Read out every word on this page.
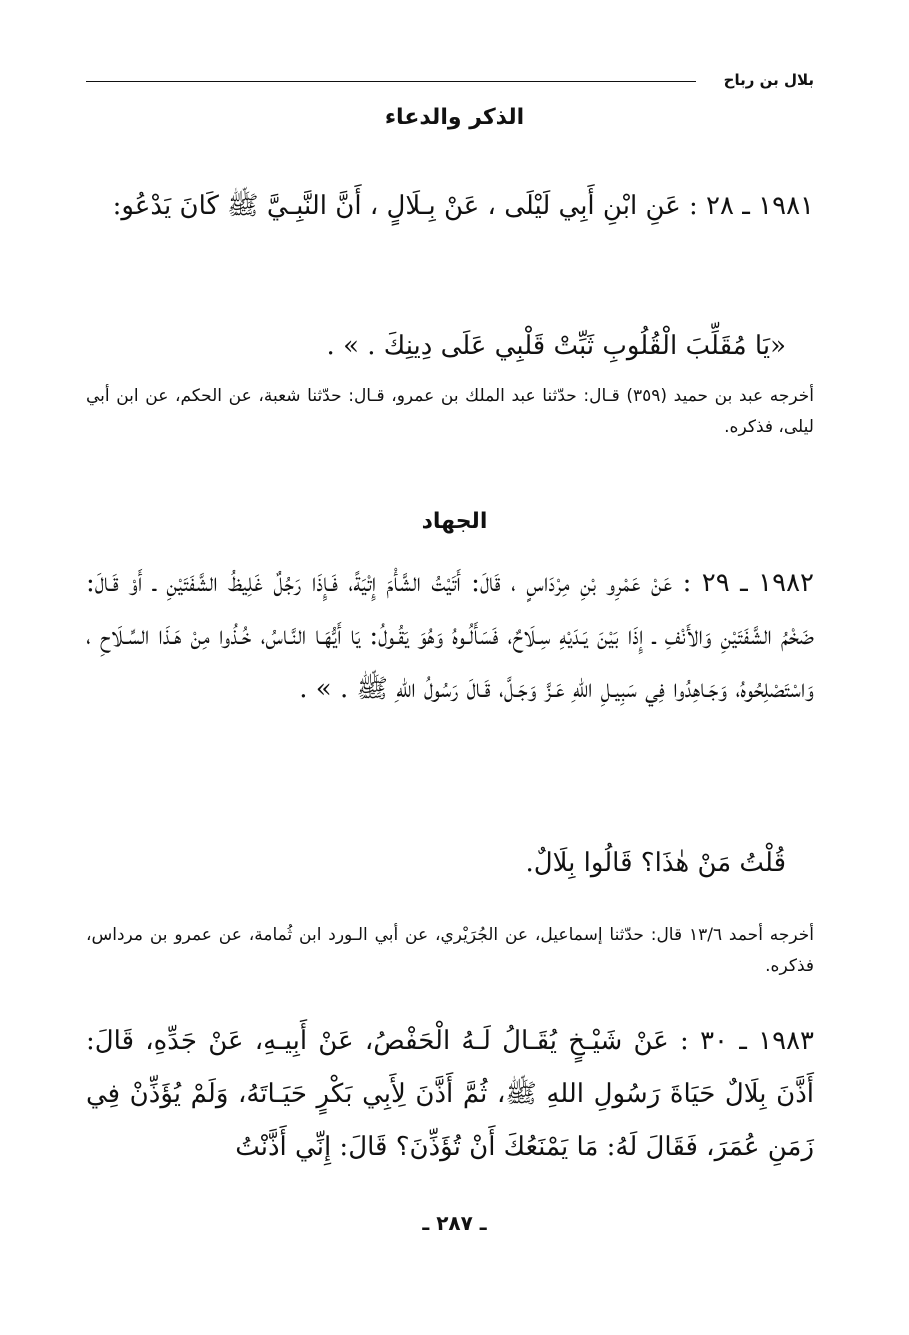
بلال بن رباح
الذكر والدعاء
١٩٨١ ـ ٢٨ : عَنِ ابْنِ أَبِي لَيْلَى ، عَنْ بِـلَالٍ ، أَنَّ النَّبِـيَّ ﷺ كَانَ يَدْعُو:
«يَا مُقَلِّبَ الْقُلُوبِ ثَبِّتْ قَلْبِي عَلَى دِينِكَ . » .
أخرجه عبد بن حميد (٣٥٩) قـال: حدّثنا عبد الملك بن عمرو، قـال: حدّثنا شعبة، عن الحكم، عن ابن أبي ليلى، فذكره.
الجهاد
١٩٨٢ ـ ٢٩ : عَنْ عَمْرِو بْنِ مِرْدَاسٍ ، قَالَ: أَتَيْتُ الشَّأْمَ إِتْيَةً، فَـإِذَا رَجُلٌ غَلِيظُ الشَّفَتَيْنِ ـ أَوْ قَـالَ: ضَخْمُ الشَّفَتَيْنِ وَالأَنْفِ ـ إِذَا بَيْنَ يَـدَيْهِ سِـلَاحٌ، فَسَأَلُـوهُ وَهُوَ يَقُـولُ: يَا أَيُّهَـا النَّـاسُ، خُـذُوا مِنْ هَـذَا السِّـلَاحِ ، وَاسْتَصْلِحُوهُ، وَجَـاهِدُوا فِي سَبِيـلِ اللهِ عَـزَّ وَجَـلَّ، قَـالَ رَسُولُ اللهِ ﷺ . » .
قُلْتُ مَنْ هٰذَا؟ قَالُوا بِلَالٌ.
أخرجه أحمد ١٣/٦ قال: حدّثنا إسماعيل، عن الجُرَيْري، عن أبي الـورد ابن ثُمامة، عن عمرو بن مرداس، فذكره.
١٩٨٣ ـ ٣٠ : عَنْ شَيْـخٍ يُقَـالُ لَـهُ الْحَفْصُ، عَنْ أَبِيـهِ، عَنْ جَدِّهِ، قَالَ: أَذَّنَ بِلَالٌ حَيَاةَ رَسُولِ اللهِ ﷺ، ثُمَّ أَذَّنَ لِأَبِي بَكْرٍ حَيَـاتَهُ، وَلَمْ يُؤَذِّنْ فِي زَمَنِ عُمَرَ، فَقَالَ لَهُ: مَا يَمْنَعُكَ أَنْ تُؤَذِّنَ؟ قَالَ: إِنِّي أَذَّنْتُ
ـ ٢٨٧ ـ
